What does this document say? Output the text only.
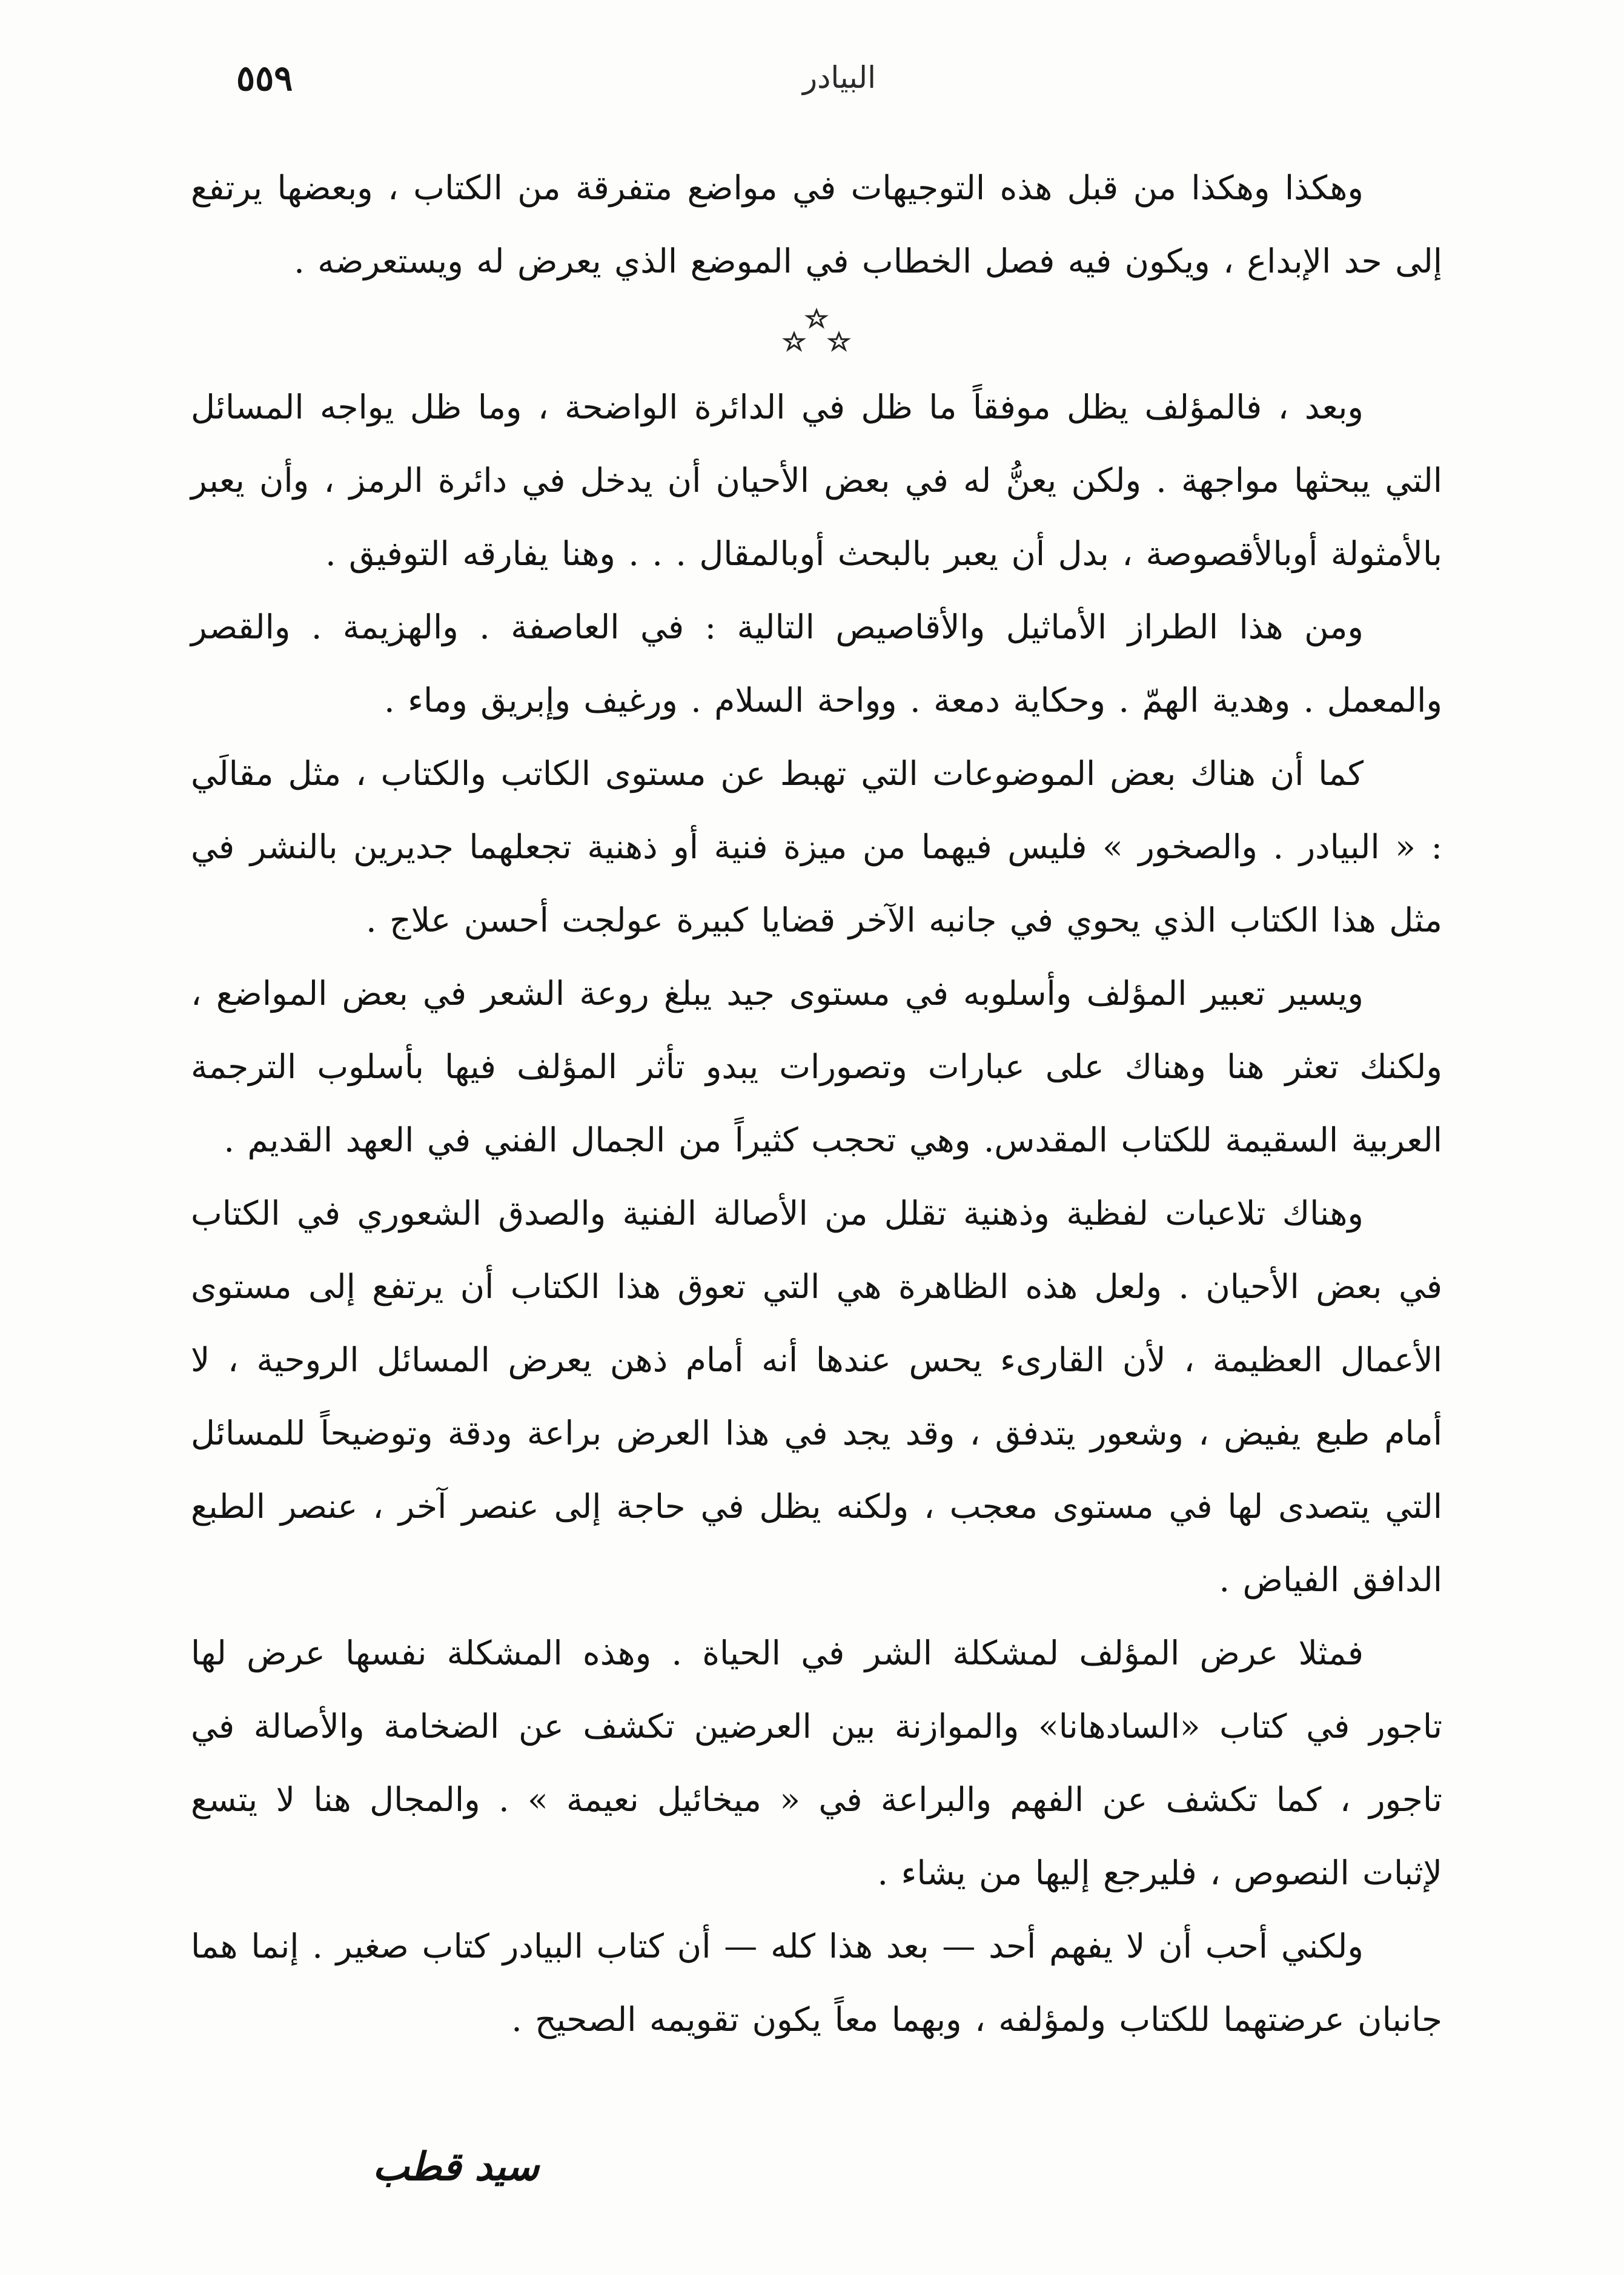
٥٥٩	البيادر

وهكذا وهكذا من قبل هذه التوجيهات في مواضع متفرقة من الكتاب ، وبعضها يرتفع إلى حد الإبداع ، ويكون فيه فصل الخطاب في الموضع الذي يعرض له ويستعرضه .

وبعد ، فالمؤلف يظل موفقاً ما ظل في الدائرة الواضحة ، وما ظل يواجه المسائل التي يبحثها مواجهة . ولكن يعنُّ له في بعض الأحيان أن يدخل في دائرة الرمز ، وأن يعبر بالأمثولة أوبالأقصوصة ، بدل أن يعبر بالبحث أوبالمقال . . . وهنا يفارقه التوفيق .

ومن هذا الطراز الأماثيل والأقاصيص التالية : في العاصفة . والهزيمة . والقصر والمعمل . وهدية الهمّ . وحكاية دمعة . وواحة السلام . ورغيف وإبريق وماء .

كما أن هناك بعض الموضوعات التي تهبط عن مستوى الكاتب والكتاب ، مثل مقالَي : « البيادر . والصخور » فليس فيهما من ميزة فنية أو ذهنية تجعلهما جديرين بالنشر في مثل هذا الكتاب الذي يحوي في جانبه الآخر قضايا كبيرة عولجت أحسن علاج .

ويسير تعبير المؤلف وأسلوبه في مستوى جيد يبلغ روعة الشعر في بعض المواضع ، ولكنك تعثر هنا وهناك على عبارات وتصورات يبدو تأثر المؤلف فيها بأسلوب الترجمة العربية السقيمة للكتاب المقدس. وهي تحجب كثيراً من الجمال الفني في العهد القديم .

وهناك تلاعبات لفظية وذهنية تقلل من الأصالة الفنية والصدق الشعوري في الكتاب في بعض الأحيان . ولعل هذه الظاهرة هي التي تعوق هذا الكتاب أن يرتفع إلى مستوى الأعمال العظيمة ، لأن القارىء يحس عندها أنه أمام ذهن يعرض المسائل الروحية ، لا أمام طبع يفيض ، وشعور يتدفق ، وقد يجد في هذا العرض براعة ودقة وتوضيحاً للمسائل التي يتصدى لها في مستوى معجب ، ولكنه يظل في حاجة إلى عنصر آخر ، عنصر الطبع الدافق الفياض .

فمثلا عرض المؤلف لمشكلة الشر في الحياة . وهذه المشكلة نفسها عرض لها تاجور في كتاب «السادهانا» والموازنة بين العرضين تكشف عن الضخامة والأصالة في تاجور ، كما تكشف عن الفهم والبراعة في « ميخائيل نعيمة » . والمجال هنا لا يتسع لإثبات النصوص ، فليرجع إليها من يشاء .

ولكني أحب أن لا يفهم أحد — بعد هذا كله — أن كتاب البيادر كتاب صغير . إنما هما جانبان عرضتهما للكتاب ولمؤلفه ، وبهما معاً يكون تقويمه الصحيح .

سيد قطب
